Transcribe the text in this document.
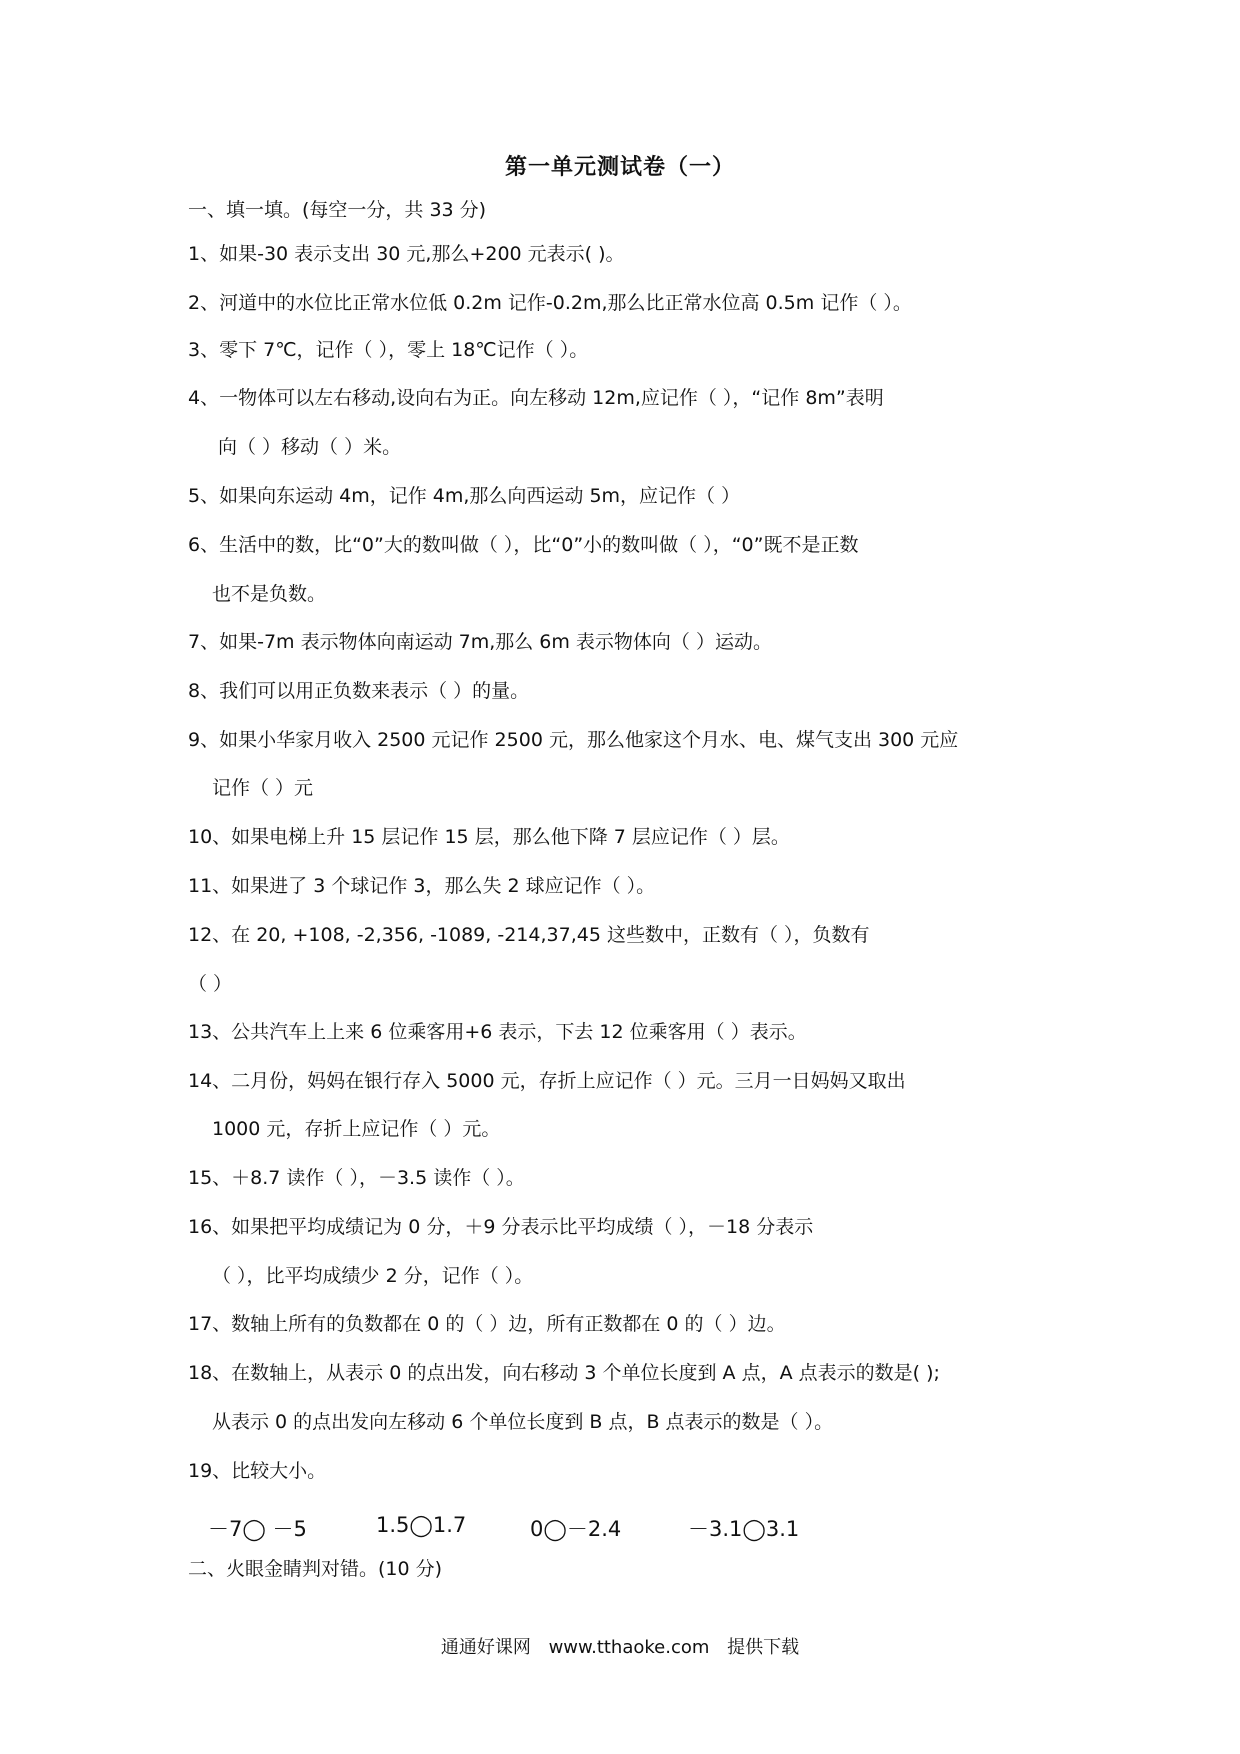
第一单元测试卷（一）
一、填一填。(每空一分，共 33 分)
1、如果-30 表示支出 30 元,那么+200 元表示( )。
2、河道中的水位比正常水位低 0.2m 记作-0.2m,那么比正常水位高 0.5m 记作（ ）。
3、零下 7℃，记作（ ），零上 18℃记作（ ）。
4、一物体可以左右移动,设向右为正。向左移动 12m,应记作（ ），“记作 8m”表明
向（ ）移动（ ）米。
5、如果向东运动 4m，记作 4m,那么向西运动 5m，应记作（ ）
6、生活中的数，比“0”大的数叫做（ ），比“0”小的数叫做（ ），“0”既不是正数
也不是负数。
7、如果-7m 表示物体向南运动 7m,那么 6m 表示物体向（ ）运动。
8、我们可以用正负数来表示（ ）的量。
9、如果小华家月收入 2500 元记作 2500 元，那么他家这个月水、电、煤气支出 300 元应
记作（ ）元
10、如果电梯上升 15 层记作 15 层，那么他下降 7 层应记作（ ）层。
11、如果进了 3 个球记作 3，那么失 2 球应记作（ ）。
12、在 20, +108, -2,356, -1089, -214,37,45 这些数中，正数有（ ），负数有
（ ）
13、公共汽车上上来 6 位乘客用+6 表示，下去 12 位乘客用（ ）表示。
14、二月份，妈妈在银行存入 5000 元，存折上应记作（ ）元。三月一日妈妈又取出
1000 元，存折上应记作（ ）元。
15、＋8.7 读作（ ），－3.5 读作（ ）。
16、如果把平均成绩记为 0 分，＋9 分表示比平均成绩（ ），－18 分表示
（ ），比平均成绩少 2 分，记作（ ）。
17、数轴上所有的负数都在 0 的（ ）边，所有正数都在 0 的（ ）边。
18、在数轴上，从表示 0 的点出发，向右移动 3 个单位长度到 A 点，A 点表示的数是( );
从表示 0 的点出发向左移动 6 个单位长度到 B 点，B 点表示的数是（ ）。
19、比较大小。
－7◯ －5	1.5◯1.7	0◯－2.4	－3.1◯3.1
二、火眼金睛判对错。(10 分)
通通好课网 www.tthaoke.com 提供下载
